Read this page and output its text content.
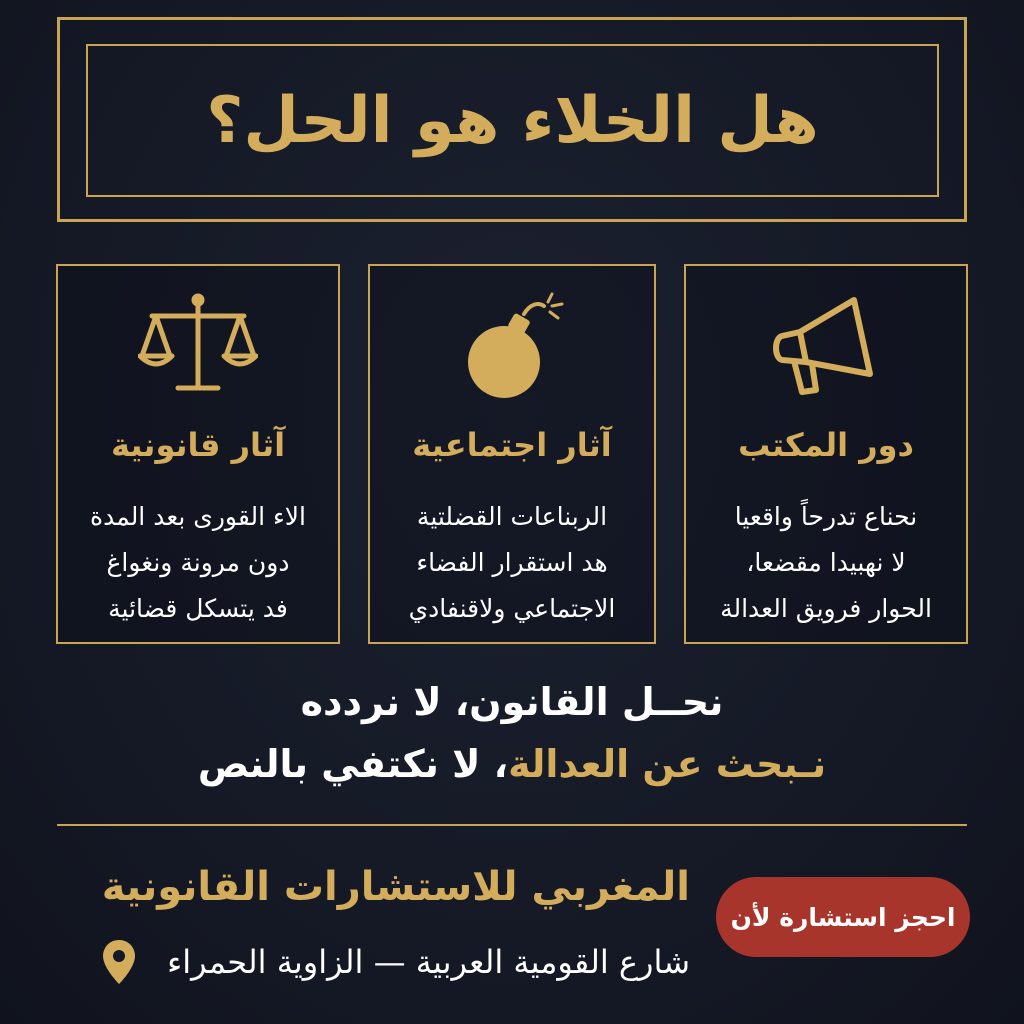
هل الخلاء هو الحل؟
دور المكتب
نحناع تدرحاً واقعيا
لا نهبيدا مقضعا،
الحوار فرويق العدالة
آثار اجتماعية
الربناعات القضلتية
هد استقرار الفضاء
الاجتماعي ولاقنفادي
آثار قانونية
الاء القورى بعد المدة
دون مرونة ونغواغ
فد يتسكل قضائية
نحــل القانون، لا نردده
نـبحث عن العدالة، لا نكتفي بالنص
المغربي للاستشارات القانونية
شارع القومية العربية — الزاوية الحمراء
احجز استشارة لأن
